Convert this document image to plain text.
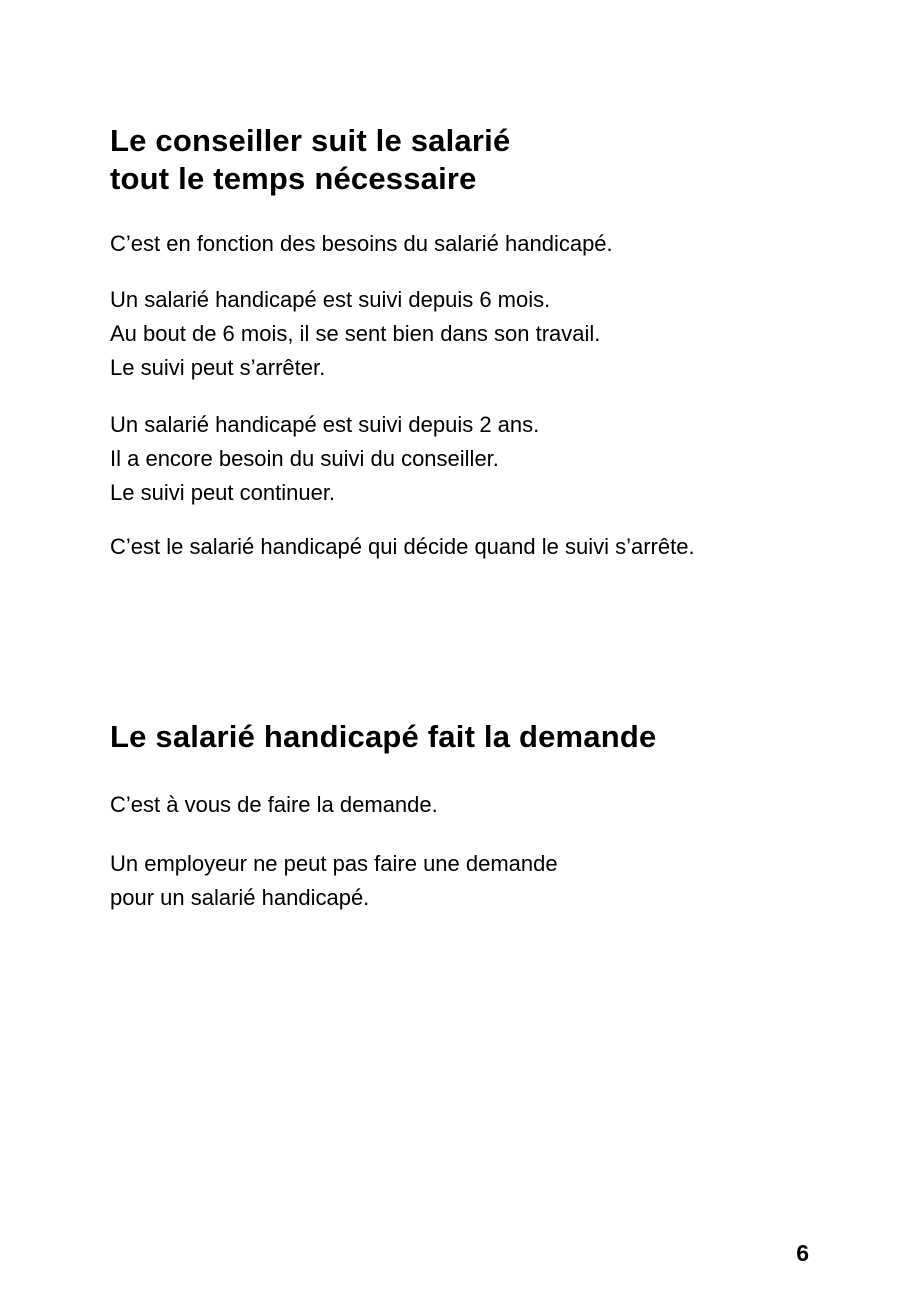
Le conseiller suit le salarié
tout le temps nécessaire
C’est en fonction des besoins du salarié handicapé.
Un salarié handicapé est suivi depuis 6 mois.
Au bout de 6 mois, il se sent bien dans son travail.
Le suivi peut s’arrêter.
Un salarié handicapé est suivi depuis 2 ans.
Il a encore besoin du suivi du conseiller.
Le suivi peut continuer.
C’est le salarié handicapé qui décide quand le suivi s’arrête.
Le salarié handicapé fait la demande
C’est à vous de faire la demande.
Un employeur ne peut pas faire une demande
pour un salarié handicapé.
6
